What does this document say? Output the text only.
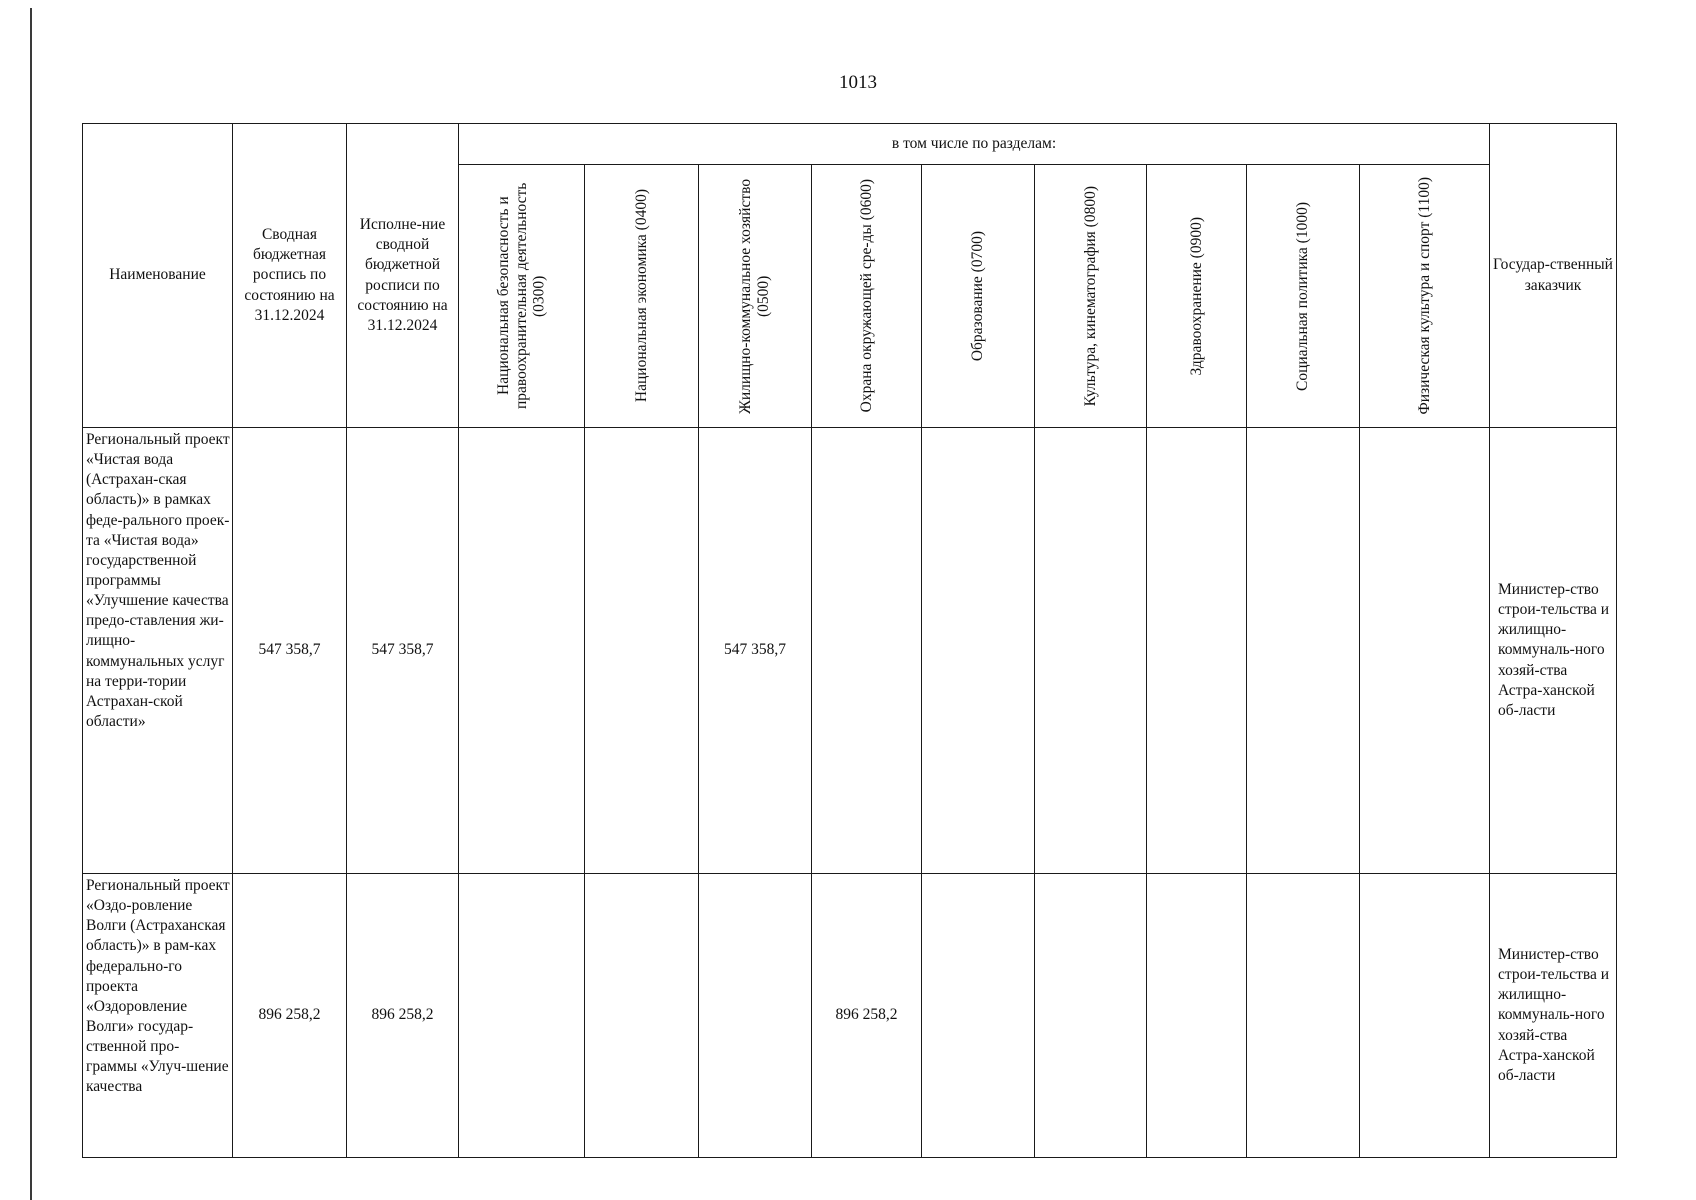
1013
Наименование	Сводная бюджетная роспись по состоянию на 31.12.2024	Исполне-ние сводной бюджетной росписи по состоянию на 31.12.2024	в том числе по разделам:									Государ-ственный заказчик

			Национальная безопасность и правоохранительная деятельность (0300)	Национальная экономика (0400)	Жилищно-коммунальное хозяйство (0500)	Охрана окружающей сре-ды (0600)	Образование (0700)	Культура, кинематография (0800)	Здравоохранение (0900)	Социальная политика (1000)	Физическая культура и спорт (1100)	

Региональный проект «Чистая вода (Астрахан-ская область)» в рамках феде-рального проек-та «Чистая вода» государственной программы «Улучшение качества предо-ставления жи-лищно-коммунальных услуг на терри-тории Астрахан-ской области»	547 358,7	547 358,7			547 358,7							Министер-ство строи-тельства и жилищно-коммуналь-ного хозяй-ства Астра-ханской об-ласти
Региональный проект «Оздо-ровление Волги (Астраханская область)» в рам-ках федерально-го проекта «Оздоровление Волги» государ-ственной про-граммы «Улуч-шение качества	896 258,2	896 258,2				896 258,2						Министер-ство строи-тельства и жилищно-коммуналь-ного хозяй-ства Астра-ханской об-ласти
